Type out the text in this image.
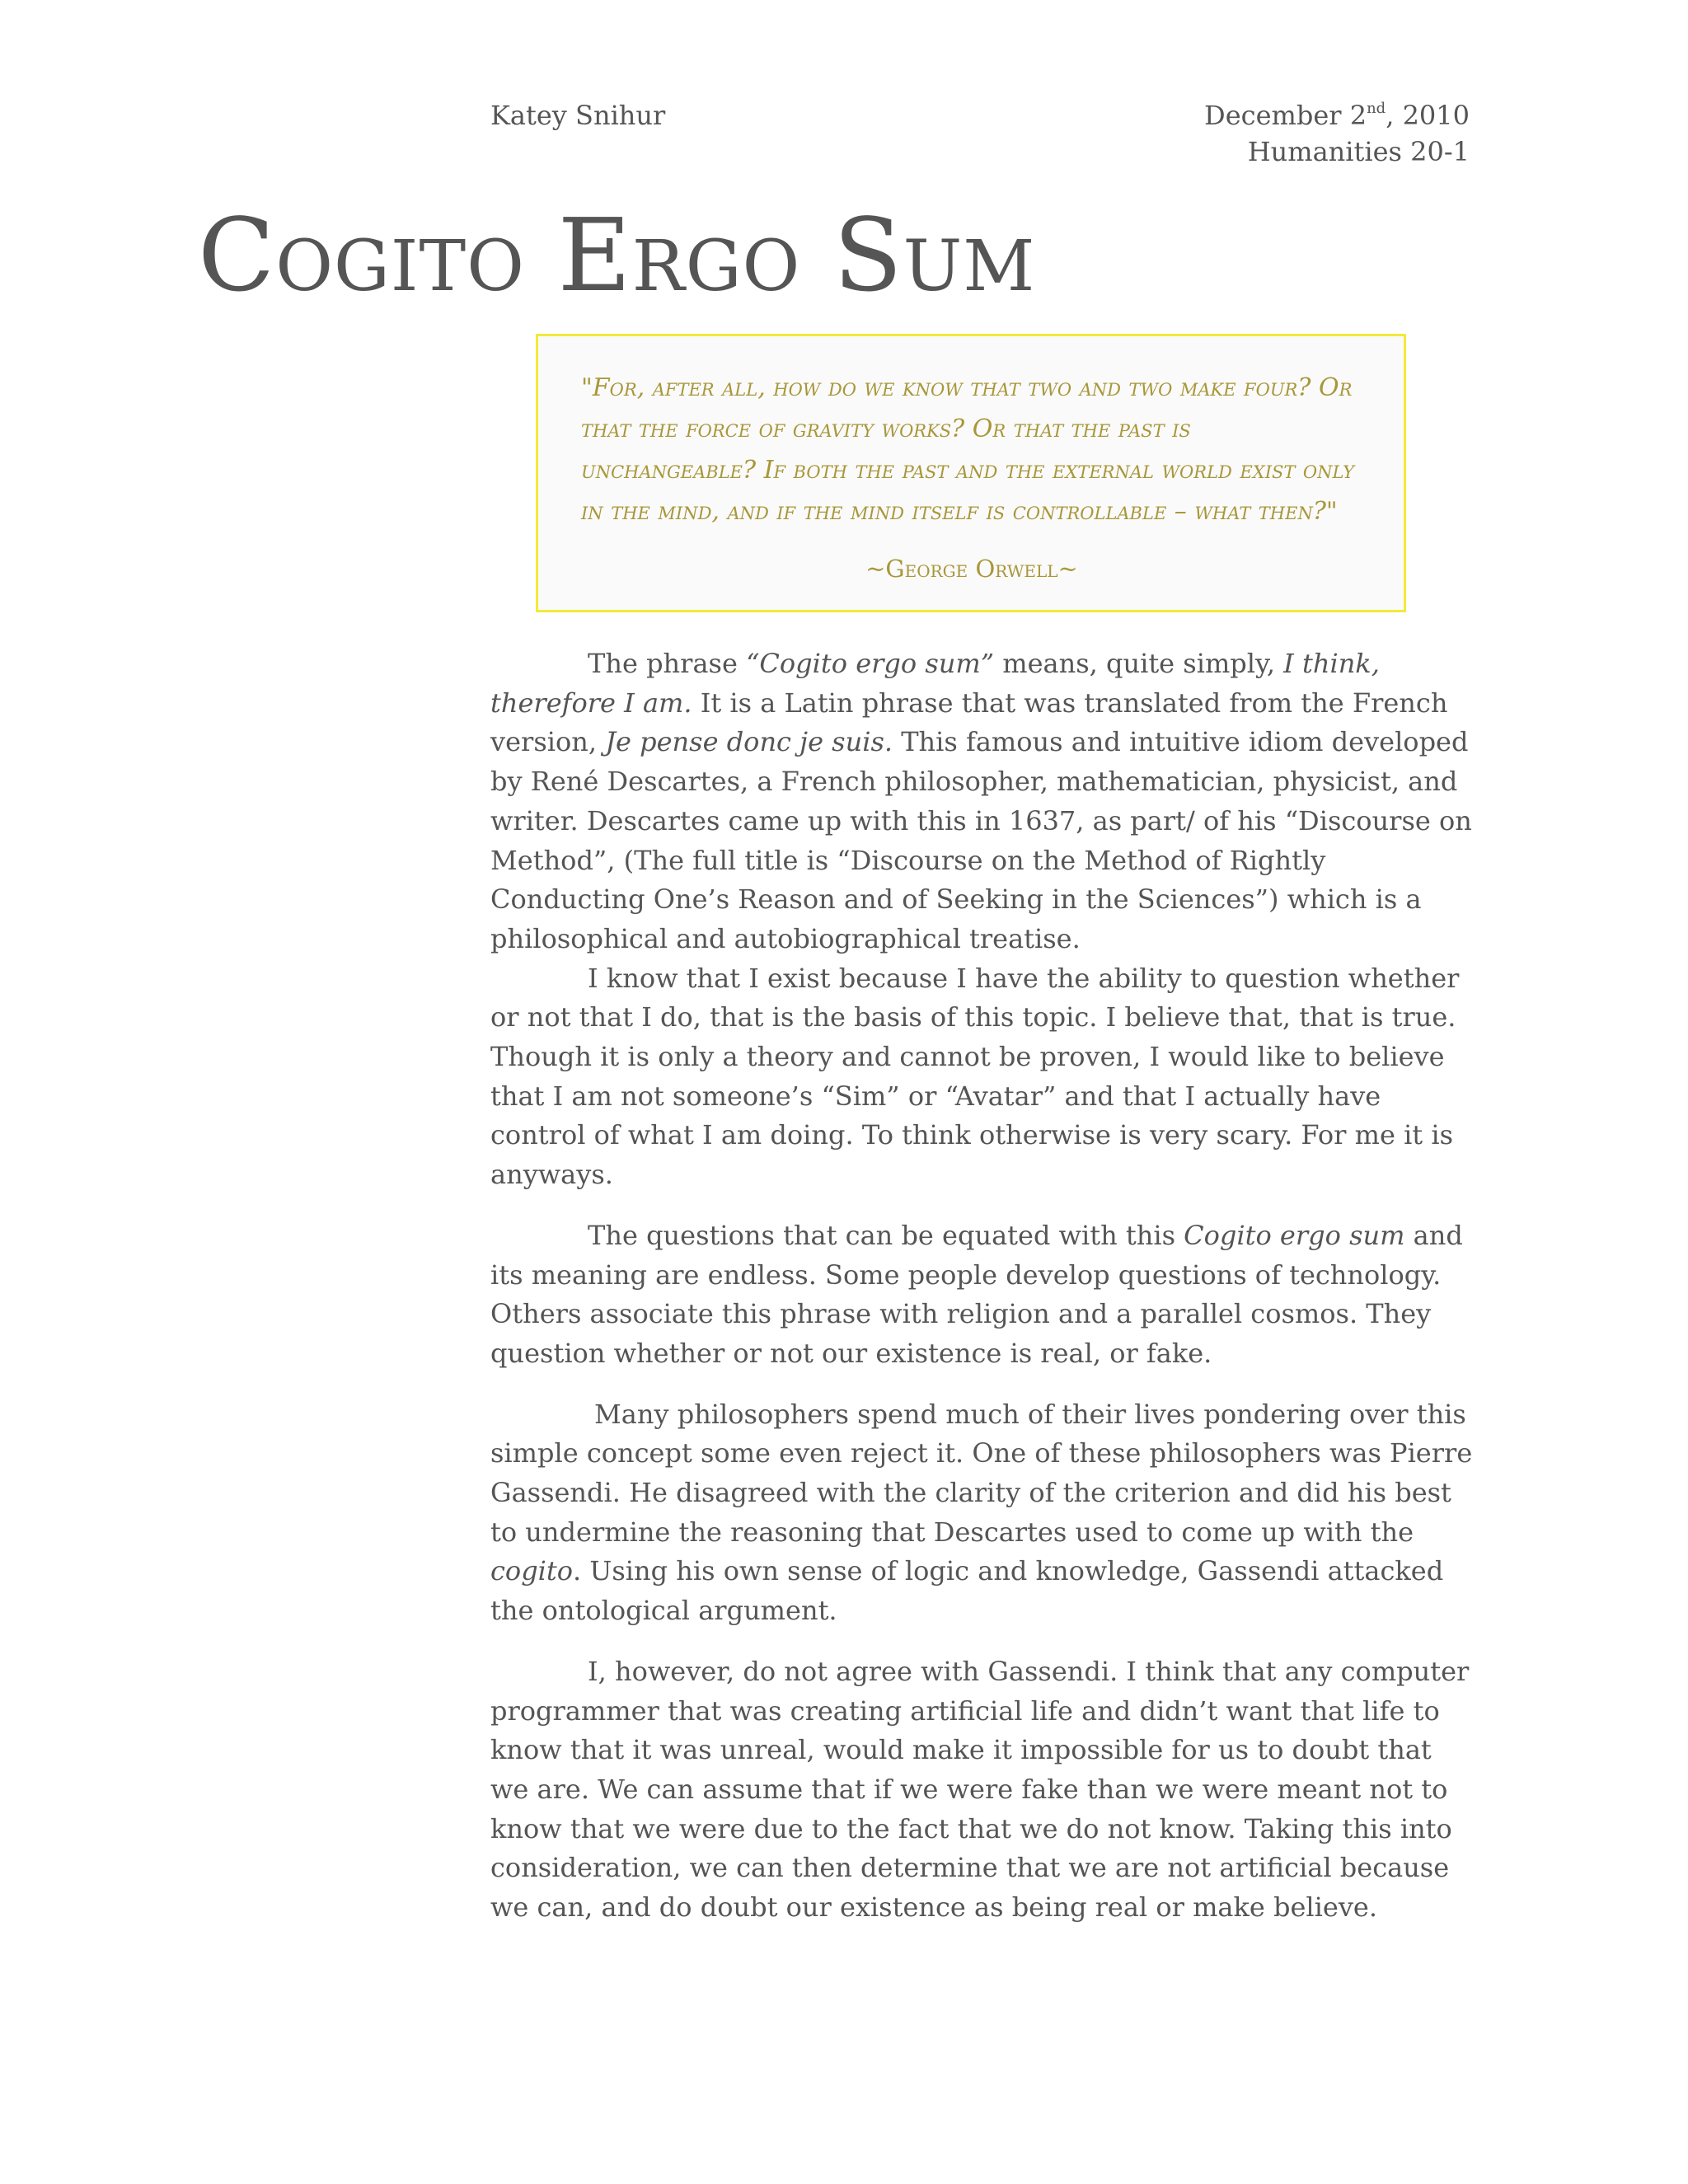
Katey Snihur	December 2nd, 2010
Humanities 20-1
Cogito Ergo Sum

"For, after all, how do we know that two and two make four? Or that the force of gravity works? Or that the past is unchangeable? If both the past and the external world exist only in the mind, and if the mind itself is controllable – what then?"

~George Orwell~

The phrase “Cogito ergo sum” means, quite simply, I think, therefore I am. It is a Latin phrase that was translated from the French version, Je pense donc je suis. This famous and intuitive idiom developed by René Descartes, a French philosopher, mathematician, physicist, and writer. Descartes came up with this in 1637, as part/ of his “Discourse on Method”, (The full title is “Discourse on the Method of Rightly Conducting One’s Reason and of Seeking in the Sciences”) which is a philosophical and autobiographical treatise.

I know that I exist because I have the ability to question whether or not that I do, that is the basis of this topic. I believe that, that is true. Though it is only a theory and cannot be proven, I would like to believe that I am not someone’s “Sim” or “Avatar” and that I actually have control of what I am doing. To think otherwise is very scary. For me it is anyways.

The questions that can be equated with this Cogito ergo sum and its meaning are endless. Some people develop questions of technology. Others associate this phrase with religion and a parallel cosmos. They question whether or not our existence is real, or fake.

Many philosophers spend much of their lives pondering over this simple concept some even reject it. One of these philosophers was Pierre Gassendi. He disagreed with the clarity of the criterion and did his best to undermine the reasoning that Descartes used to come up with the cogito. Using his own sense of logic and knowledge, Gassendi attacked the ontological argument.

I, however, do not agree with Gassendi. I think that any computer programmer that was creating artificial life and didn’t want that life to know that it was unreal, would make it impossible for us to doubt that we are. We can assume that if we were fake than we were meant not to know that we were due to the fact that we do not know. Taking this into consideration, we can then determine that we are not artificial because we can, and do doubt our existence as being real or make believe.
